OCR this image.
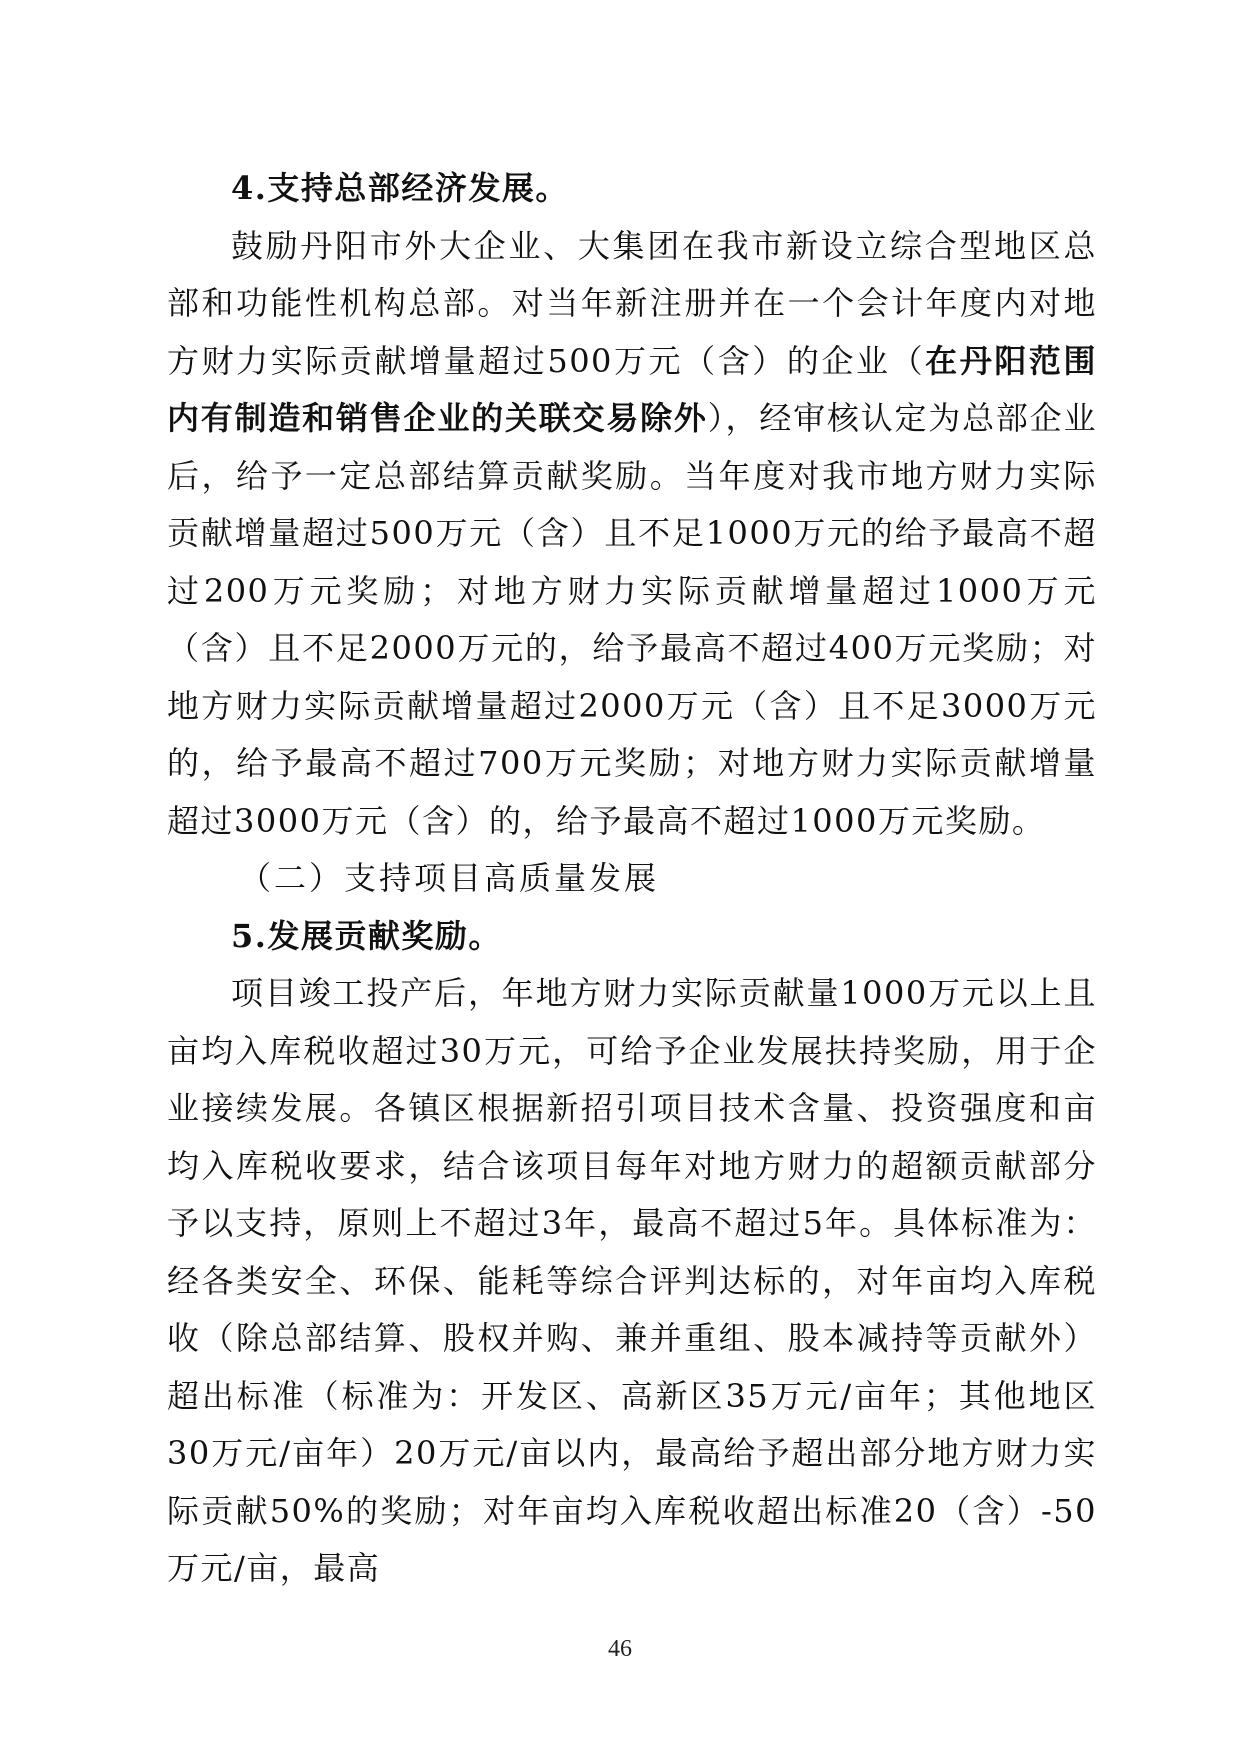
4.支持总部经济发展。

鼓励丹阳市外大企业、大集团在我市新设立综合型地区总部和功能性机构总部。对当年新注册并在一个会计年度内对地方财力实际贡献增量超过500万元（含）的企业（在丹阳范围内有制造和销售企业的关联交易除外），经审核认定为总部企业后，给予一定总部结算贡献奖励。当年度对我市地方财力实际贡献增量超过500万元（含）且不足1000万元的给予最高不超过200万元奖励；对地方财力实际贡献增量超过1000万元（含）且不足2000万元的，给予最高不超过400万元奖励；对地方财力实际贡献增量超过2000万元（含）且不足3000万元的，给予最高不超过700万元奖励；对地方财力实际贡献增量超过3000万元（含）的，给予最高不超过1000万元奖励。

（二）支持项目高质量发展

5.发展贡献奖励。

项目竣工投产后，年地方财力实际贡献量1000万元以上且亩均入库税收超过30万元，可给予企业发展扶持奖励，用于企业接续发展。各镇区根据新招引项目技术含量、投资强度和亩均入库税收要求，结合该项目每年对地方财力的超额贡献部分予以支持，原则上不超过3年，最高不超过5年。具体标准为：经各类安全、环保、能耗等综合评判达标的，对年亩均入库税收（除总部结算、股权并购、兼并重组、股本减持等贡献外）超出标准（标准为：开发区、高新区35万元/亩年；其他地区30万元/亩年）20万元/亩以内，最高给予超出部分地方财力实际贡献50%的奖励；对年亩均入库税收超出标准20（含）-50万元/亩，最高

46
